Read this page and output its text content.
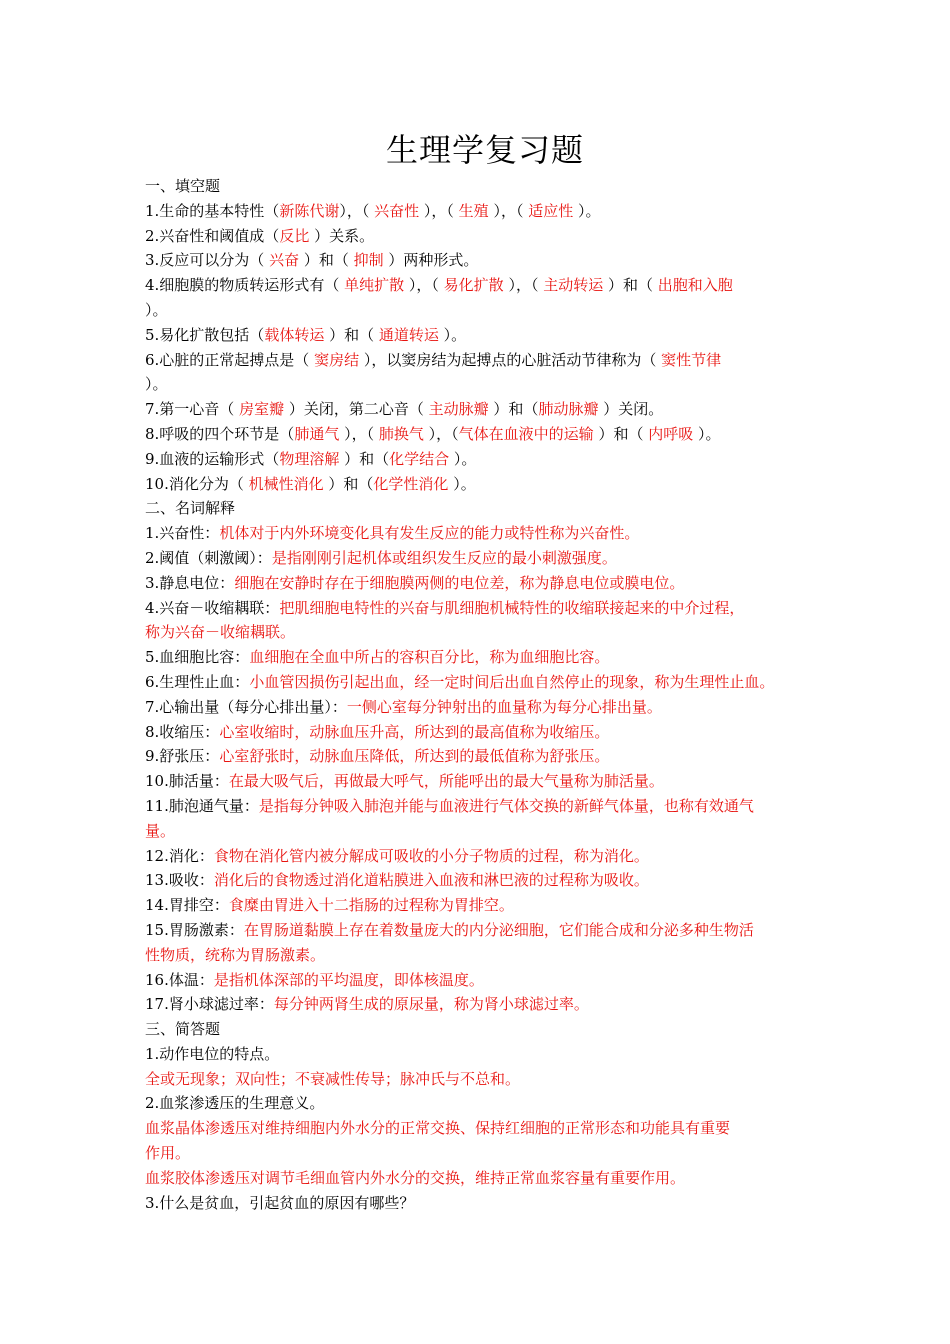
生理学复习题
一、填空题
1.生命的基本特性（新陈代谢），（ 兴奋性 ），（ 生殖 ），（ 适应性 ）。
2.兴奋性和阈值成（反比 ）关系。
3.反应可以分为（ 兴奋 ）和（ 抑制 ）两种形式。
4.细胞膜的物质转运形式有（ 单纯扩散 ），（ 易化扩散 ），（ 主动转运 ）和（ 出胞和入胞
）。
5.易化扩散包括（载体转运 ）和（ 通道转运 ）。
6.心脏的正常起搏点是（ 窦房结 ），以窦房结为起搏点的心脏活动节律称为（ 窦性节律
）。
7.第一心音（ 房室瓣 ）关闭，第二心音（ 主动脉瓣 ）和（肺动脉瓣 ）关闭。
8.呼吸的四个环节是（肺通气 ），（ 肺换气 ），（气体在血液中的运输 ）和（ 内呼吸 ）。
9.血液的运输形式（物理溶解 ）和（化学结合 ）。
10.消化分为（ 机械性消化 ）和（化学性消化 ）。
二、名词解释
1.兴奋性：机体对于内外环境变化具有发生反应的能力或特性称为兴奋性。
2.阈值（刺激阈）：是指刚刚引起机体或组织发生反应的最小刺激强度。
3.静息电位：细胞在安静时存在于细胞膜两侧的电位差，称为静息电位或膜电位。
4.兴奋－收缩耦联：把肌细胞电特性的兴奋与肌细胞机械特性的收缩联接起来的中介过程，
称为兴奋－收缩耦联。
5.血细胞比容：血细胞在全血中所占的容积百分比，称为血细胞比容。
6.生理性止血：小血管因损伤引起出血，经一定时间后出血自然停止的现象，称为生理性止血。
7.心输出量（每分心排出量）：一侧心室每分钟射出的血量称为每分心排出量。
8.收缩压：心室收缩时，动脉血压升高，所达到的最高值称为收缩压。
9.舒张压：心室舒张时，动脉血压降低，所达到的最低值称为舒张压。
10.肺活量：在最大吸气后，再做最大呼气，所能呼出的最大气量称为肺活量。
11.肺泡通气量：是指每分钟吸入肺泡并能与血液进行气体交换的新鲜气体量，也称有效通气
量。
12.消化：食物在消化管内被分解成可吸收的小分子物质的过程，称为消化。
13.吸收：消化后的食物透过消化道粘膜进入血液和淋巴液的过程称为吸收。
14.胃排空：食糜由胃进入十二指肠的过程称为胃排空。
15.胃肠激素：在胃肠道黏膜上存在着数量庞大的内分泌细胞，它们能合成和分泌多种生物活
性物质，统称为胃肠激素。
16.体温：是指机体深部的平均温度，即体核温度。
17.肾小球滤过率：每分钟两肾生成的原尿量，称为肾小球滤过率。
三、简答题
1.动作电位的特点。
全或无现象；双向性；不衰减性传导；脉冲氏与不总和。
2.血浆渗透压的生理意义。
血浆晶体渗透压对维持细胞内外水分的正常交换、保持红细胞的正常形态和功能具有重要
作用。
血浆胶体渗透压对调节毛细血管内外水分的交换，维持正常血浆容量有重要作用。
3.什么是贫血，引起贫血的原因有哪些？
